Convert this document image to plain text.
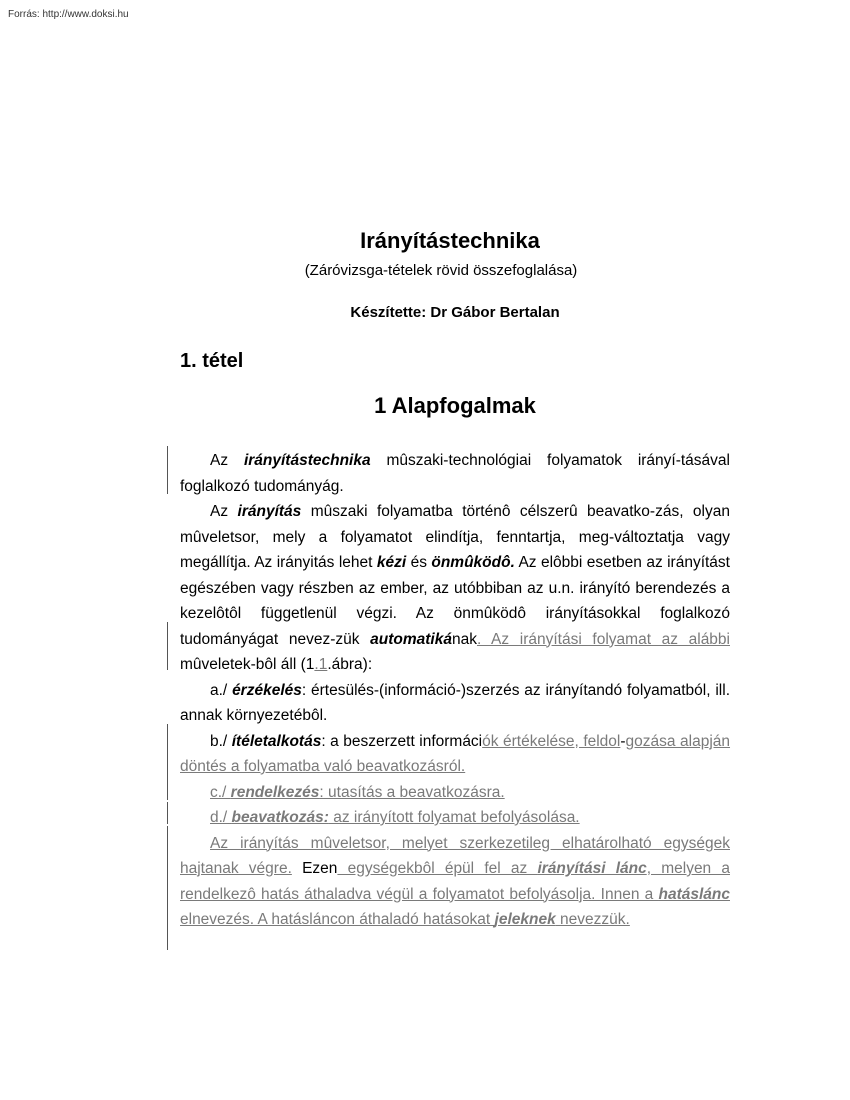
Forrás: http://www.doksi.hu
Irányítástechnika
(Záróvizsga-tételek rövid összefoglalása)
Készítette: Dr Gábor Bertalan
1. tétel
1 Alapfogalmak

Az irányítástechnika mûszaki-technológiai folyamatok irányí-tásával foglalkozó tudományág.

Az irányítás mûszaki folyamatba történô célszerû beavatko-zás, olyan mûveletsor, mely a folyamatot elindítja, fenntartja, meg-változtatja vagy megállítja. Az irányitás lehet kézi és önmûködô. Az elôbbi esetben az irányítást egészében vagy részben az ember, az utóbbiban az u.n. irányító berendezés a kezelôtôl függetlenül végzi. Az önmûködô irányításokkal foglalkozó tudományágat nevez-zük automatikának. Az irányítási folyamat az alábbi mûveletek-bôl áll (1.1.ábra):

a./ érzékelés: értesülés-(információ-)szerzés az irányítandó folyamatból, ill. annak környezetébôl.

b./ ítéletalkotás: a beszerzett információk értékelése, feldol-gozása alapján döntés a folyamatba való beavatkozásról.

c./ rendelkezés: utasítás a beavatkozásra.

d./ beavatkozás: az irányított folyamat befolyásolása.

Az irányítás mûveletsor, melyet szerkezetileg elhatárolható egységek hajtanak végre. Ezen egységekbôl épül fel az irányítási lánc, melyen a rendelkezô hatás áthaladva végül a folyamatot befolyásolja. Innen a hatáslánc elnevezés. A hatásláncon áthaladó hatásokat jeleknek nevezzük.
